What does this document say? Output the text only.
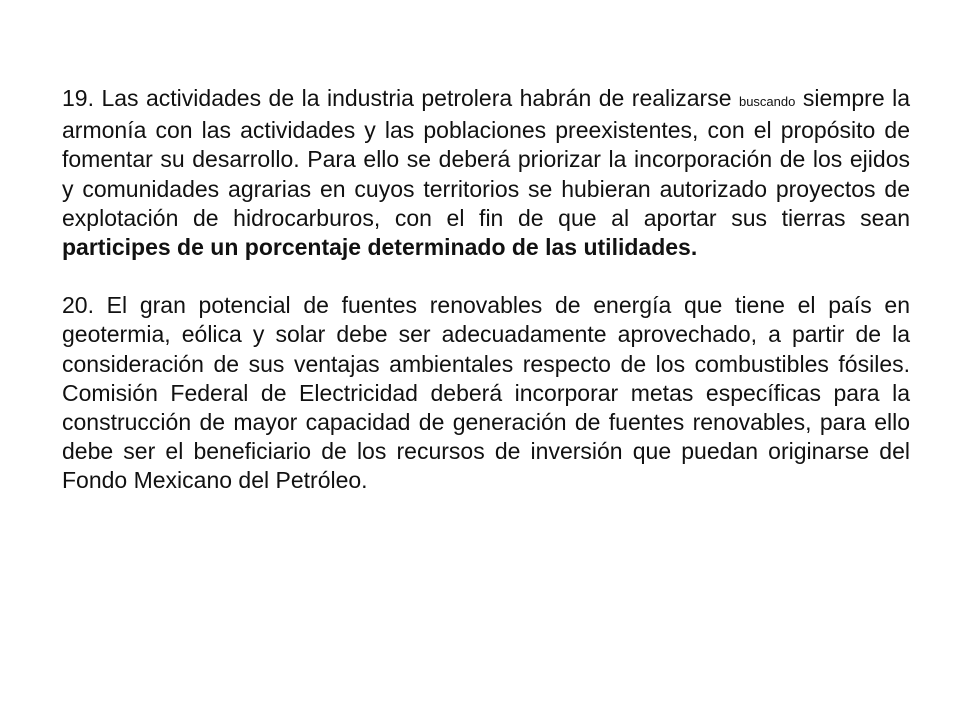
19. Las actividades de la industria petrolera habrán de realizarse buscando siempre la armonía con las actividades y las poblaciones preexistentes, con el propósito de fomentar su desarrollo. Para ello se deberá priorizar la incorporación de los ejidos y comunidades agrarias en cuyos territorios se hubieran autorizado proyectos de explotación de hidrocarburos, con el fin de que al aportar sus tierras sean participes de un porcentaje determinado de las utilidades.

20. El gran potencial de fuentes renovables de energía que tiene el país en geotermia, eólica y solar debe ser adecuadamente aprovechado, a partir de la consideración de sus ventajas ambientales respecto de los combustibles fósiles. Comisión Federal de Electricidad deberá incorporar metas específicas para la construcción de mayor capacidad de generación de fuentes renovables, para ello debe ser el beneficiario de los recursos de inversión que puedan originarse del Fondo Mexicano del Petróleo.
